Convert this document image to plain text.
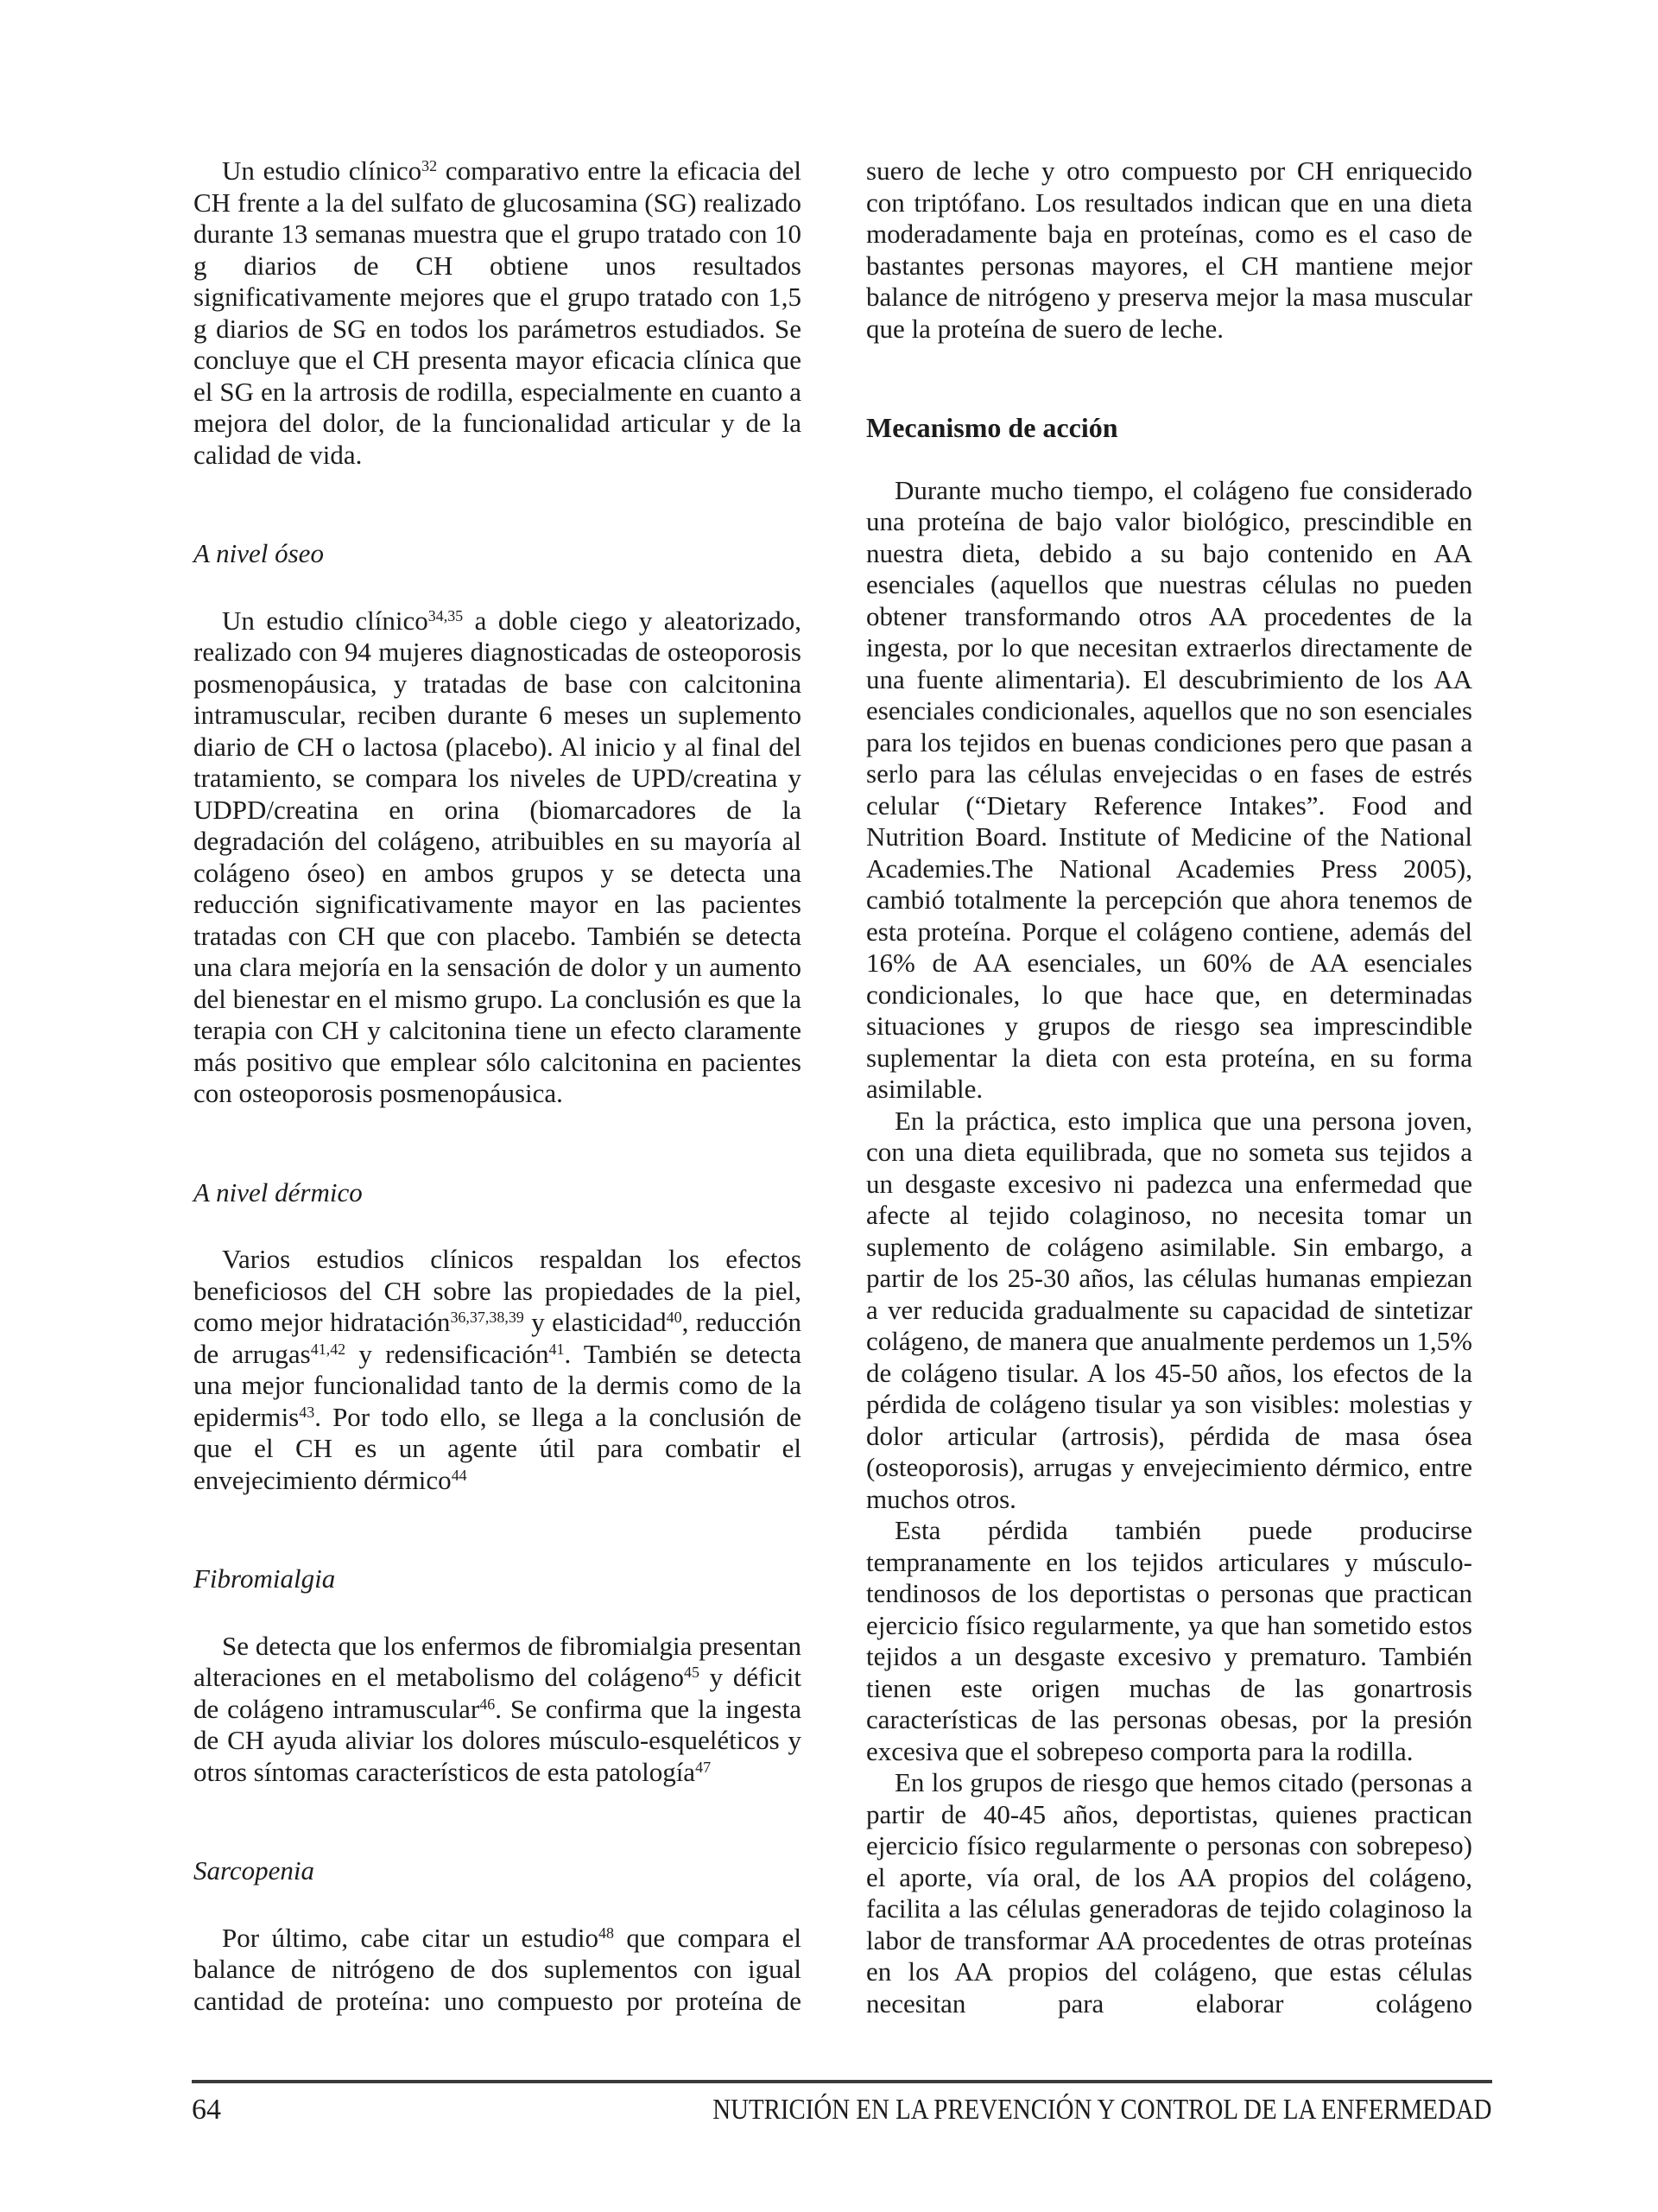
Un estudio clínico$^{32}$ comparativo entre la eficacia del CH frente a la del sulfato de glucosamina (SG) realizado durante 13 semanas muestra que el grupo tratado con 10 g diarios de CH obtiene unos resultados significativamente mejores que el grupo tratado con 1,5 g diarios de SG en todos los parámetros estudiados. Se concluye que el CH presenta mayor eficacia clínica que el SG en la artrosis de rodilla, especialmente en cuanto a mejora del dolor, de la funcionalidad articular y de la calidad de vida.

A nivel óseo

Un estudio clínico$^{34,35}$ a doble ciego y aleatorizado, realizado con 94 mujeres diagnosticadas de osteoporosis posmenopáusica, y tratadas de base con calcitonina intramuscular, reciben durante 6 meses un suplemento diario de CH o lactosa (placebo). Al inicio y al final del tratamiento, se compara los niveles de UPD/creatina y UDPD/creatina en orina (biomarcadores de la degradación del colágeno, atribuibles en su mayoría al colágeno óseo) en ambos grupos y se detecta una reducción significativamente mayor en las pacientes tratadas con CH que con placebo. También se detecta una clara mejoría en la sensación de dolor y un aumento del bienestar en el mismo grupo. La conclusión es que la terapia con CH y calcitonina tiene un efecto claramente más positivo que emplear sólo calcitonina en pacientes con osteoporosis posmenopáusica.

A nivel dérmico

Varios estudios clínicos respaldan los efectos beneficiosos del CH sobre las propiedades de la piel, como mejor hidratación$^{36,37,38,39}$ y elasticidad$^{40}$, reducción de arrugas$^{41,42}$ y redensificación$^{41}$. También se detecta una mejor funcionalidad tanto de la dermis como de la epidermis$^{43}$. Por todo ello, se llega a la conclusión de que el CH es un agente útil para combatir el envejecimiento dérmico$^{44}$

Fibromialgia

Se detecta que los enfermos de fibromialgia presentan alteraciones en el metabolismo del colágeno$^{45}$ y déficit de colágeno intramuscular$^{46}$. Se confirma que la ingesta de CH ayuda aliviar los dolores músculo-esqueléticos y otros síntomas característicos de esta patología$^{47}$

Sarcopenia

Por último, cabe citar un estudio$^{48}$ que compara el balance de nitrógeno de dos suplementos con igual cantidad de proteína: uno compuesto por proteína de

suero de leche y otro compuesto por CH enriquecido con triptófano. Los resultados indican que en una dieta moderadamente baja en proteínas, como es el caso de bastantes personas mayores, el CH mantiene mejor balance de nitrógeno y preserva mejor la masa muscular que la proteína de suero de leche.

Mecanismo de acción

Durante mucho tiempo, el colágeno fue considerado una proteína de bajo valor biológico, prescindible en nuestra dieta, debido a su bajo contenido en AA esenciales (aquellos que nuestras células no pueden obtener transformando otros AA procedentes de la ingesta, por lo que necesitan extraerlos directamente de una fuente alimentaria). El descubrimiento de los AA esenciales condicionales, aquellos que no son esenciales para los tejidos en buenas condiciones pero que pasan a serlo para las células envejecidas o en fases de estrés celular (“Dietary Reference Intakes”. Food and Nutrition Board. Institute of Medicine of the National Academies.The National Academies Press 2005), cambió totalmente la percepción que ahora tenemos de esta proteína. Porque el colágeno contiene, además del 16% de AA esenciales, un 60% de AA esenciales condicionales, lo que hace que, en determinadas situaciones y grupos de riesgo sea imprescindible suplementar la dieta con esta proteína, en su forma asimilable.

En la práctica, esto implica que una persona joven, con una dieta equilibrada, que no someta sus tejidos a un desgaste excesivo ni padezca una enfermedad que afecte al tejido colaginoso, no necesita tomar un suplemento de colágeno asimilable. Sin embargo, a partir de los 25-30 años, las células humanas empiezan a ver reducida gradualmente su capacidad de sintetizar colágeno, de manera que anualmente perdemos un 1,5% de colágeno tisular. A los 45-50 años, los efectos de la pérdida de colágeno tisular ya son visibles: molestias y dolor articular (artrosis), pérdida de masa ósea (osteoporosis), arrugas y envejecimiento dérmico, entre muchos otros.

Esta pérdida también puede producirse tempranamente en los tejidos articulares y músculo-tendinosos de los deportistas o personas que practican ejercicio físico regularmente, ya que han sometido estos tejidos a un desgaste excesivo y prematuro. También tienen este origen muchas de las gonartrosis características de las personas obesas, por la presión excesiva que el sobrepeso comporta para la rodilla.

En los grupos de riesgo que hemos citado (personas a partir de 40-45 años, deportistas, quienes practican ejercicio físico regularmente o personas con sobrepeso) el aporte, vía oral, de los AA propios del colágeno, facilita a las células generadoras de tejido colaginoso la labor de transformar AA procedentes de otras proteínas en los AA propios del colágeno, que estas células necesitan para elaborar colágeno

64	NUTRICIÓN EN LA PREVENCIÓN Y CONTROL DE LA ENFERMEDAD
